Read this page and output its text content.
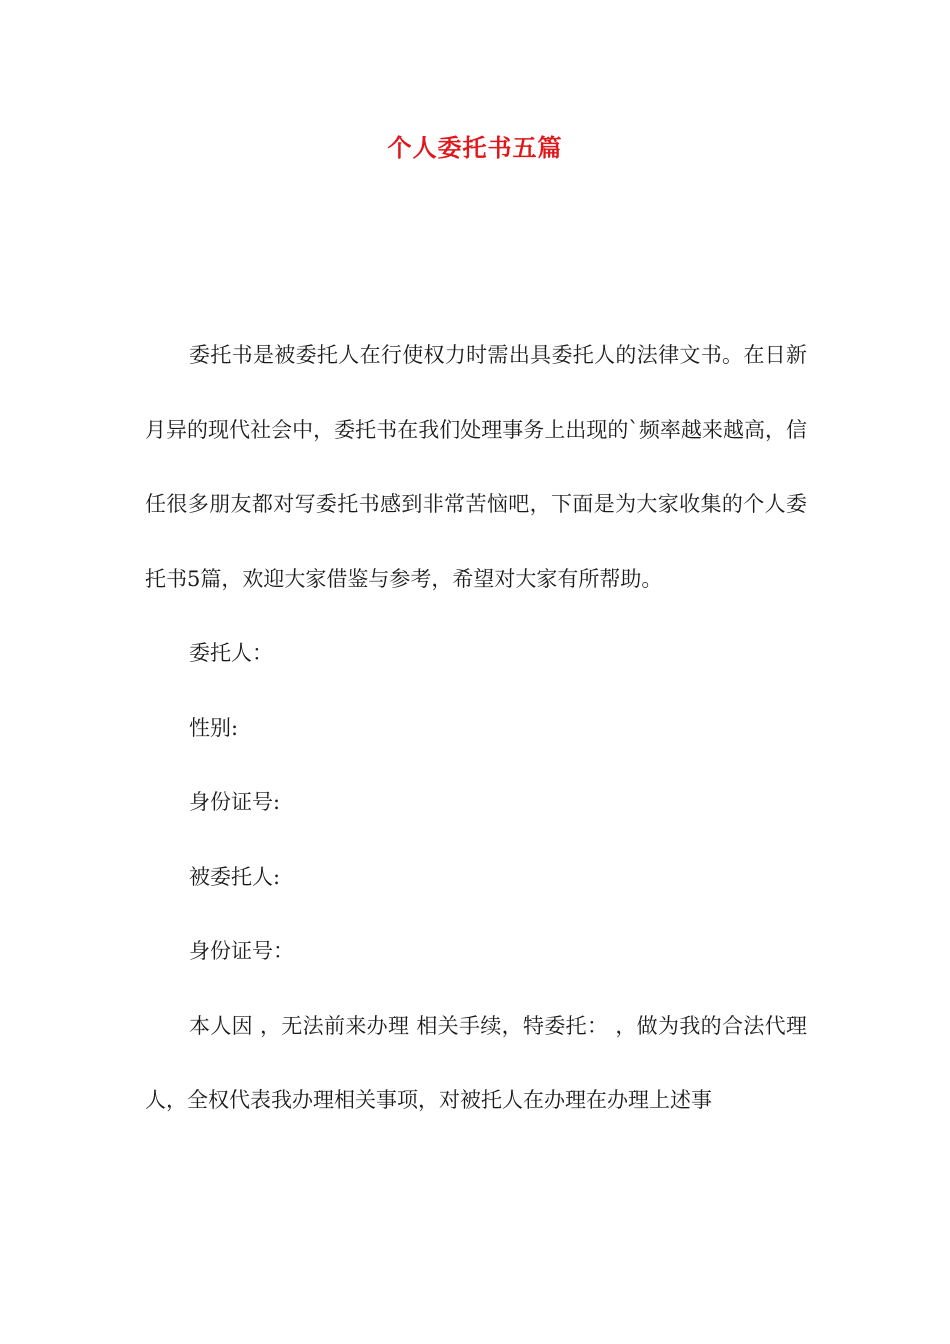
个人委托书五篇

委托书是被委托人在行使权力时需出具委托人的法律文书。在日新月异的现代社会中，委托书在我们处理事务上出现的`频率越来越高，信任很多朋友都对写委托书感到非常苦恼吧，下面是为大家收集的个人委托书5篇，欢迎大家借鉴与参考，希望对大家有所帮助。

委托人：

性别:

身份证号:

被委托人:

身份证号：

本人因 ，无法前来办理 相关手续，特委托： ，做为我的合法代理人，全权代表我办理相关事项，对被托人在办理在办理上述事
